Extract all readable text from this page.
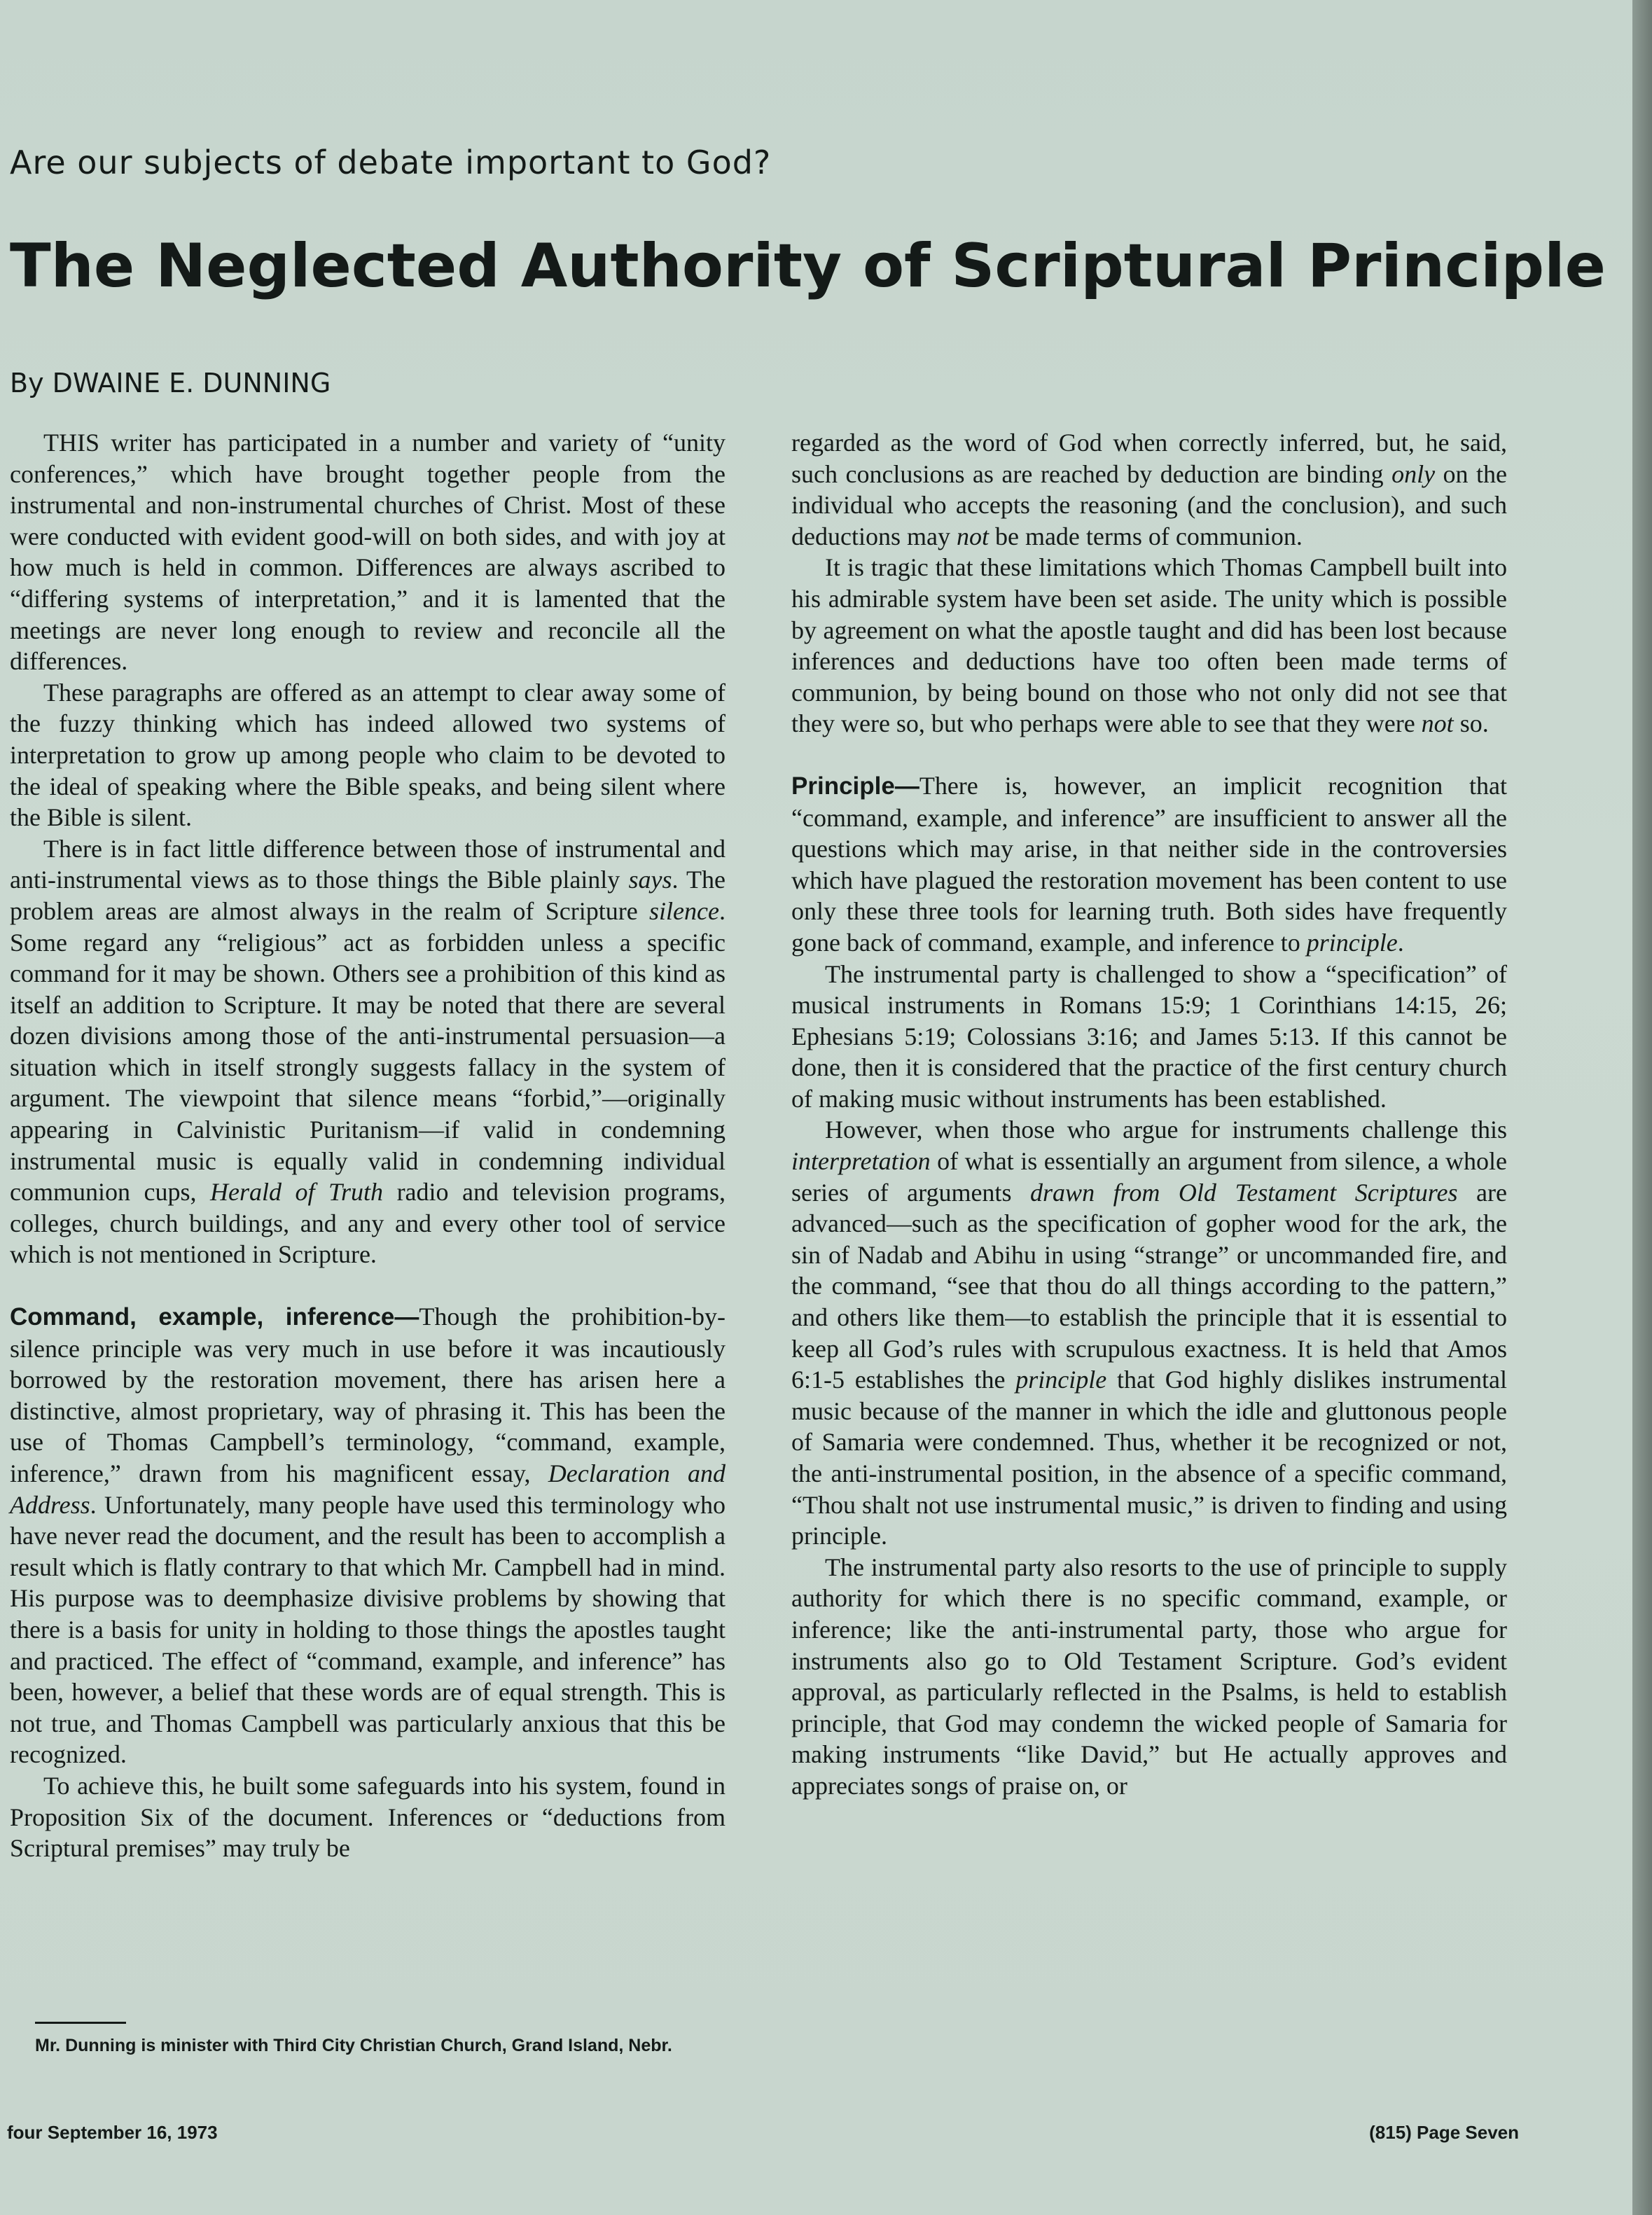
Are our subjects of debate important to God?
The Neglected Authority of Scriptural Principle
By DWAINE E. DUNNING

THIS writer has participated in a number and variety of “unity conferences,” which have brought together people from the instrumental and non-instrumental churches of Christ. Most of these were conducted with evident good-will on both sides, and with joy at how much is held in common. Differences are always ascribed to “differing systems of interpretation,” and it is lamented that the meetings are never long enough to review and reconcile all the differences.

These paragraphs are offered as an attempt to clear away some of the fuzzy thinking which has indeed allowed two systems of interpretation to grow up among people who claim to be devoted to the ideal of speaking where the Bible speaks, and being silent where the Bible is silent.

There is in fact little difference between those of instrumental and anti-instrumental views as to those things the Bible plainly says. The problem areas are almost always in the realm of Scripture silence. Some regard any “religious” act as forbidden unless a specific command for it may be shown. Others see a prohibition of this kind as itself an addition to Scripture. It may be noted that there are several dozen divisions among those of the anti-instrumental persuasion—a situation which in itself strongly suggests fallacy in the system of argument. The viewpoint that silence means “forbid,”—originally appearing in Calvinistic Puritanism—if valid in condemning instrumental music is equally valid in condemning individual communion cups, Herald of Truth radio and television programs, colleges, church buildings, and any and every other tool of service which is not mentioned in Scripture.

Command, example, inference—Though the prohibition-by-silence principle was very much in use before it was incautiously borrowed by the restoration movement, there has arisen here a distinctive, almost proprietary, way of phrasing it. This has been the use of Thomas Campbell’s terminology, “command, example, inference,” drawn from his magnificent essay, Declaration and Address. Unfortunately, many people have used this terminology who have never read the document, and the result has been to accomplish a result which is flatly contrary to that which Mr. Campbell had in mind. His purpose was to deemphasize divisive problems by showing that there is a basis for unity in holding to those things the apostles taught and practiced. The effect of “command, example, and inference” has been, however, a belief that these words are of equal strength. This is not true, and Thomas Campbell was particularly anxious that this be recognized.

To achieve this, he built some safeguards into his system, found in Proposition Six of the document. Inferences or “deductions from Scriptural premises” may truly be

regarded as the word of God when correctly inferred, but, he said, such conclusions as are reached by deduction are binding only on the individual who accepts the reasoning (and the conclusion), and such deductions may not be made terms of communion.

It is tragic that these limitations which Thomas Campbell built into his admirable system have been set aside. The unity which is possible by agreement on what the apostle taught and did has been lost because inferences and deductions have too often been made terms of communion, by being bound on those who not only did not see that they were so, but who perhaps were able to see that they were not so.

Principle—There is, however, an implicit recognition that “command, example, and inference” are insufficient to answer all the questions which may arise, in that neither side in the controversies which have plagued the restoration movement has been content to use only these three tools for learning truth. Both sides have frequently gone back of command, example, and inference to principle.

The instrumental party is challenged to show a “specification” of musical instruments in Romans 15:9; 1 Corinthians 14:15, 26; Ephesians 5:19; Colossians 3:16; and James 5:13. If this cannot be done, then it is considered that the practice of the first century church of making music without instruments has been established.

However, when those who argue for instruments challenge this interpretation of what is essentially an argument from silence, a whole series of arguments drawn from Old Testament Scriptures are advanced—such as the specification of gopher wood for the ark, the sin of Nadab and Abihu in using “strange” or uncommanded fire, and the command, “see that thou do all things according to the pattern,” and others like them—to establish the principle that it is essential to keep all God’s rules with scrupulous exactness. It is held that Amos 6:1-5 establishes the principle that God highly dislikes instrumental music because of the manner in which the idle and gluttonous people of Samaria were condemned. Thus, whether it be recognized or not, the anti-instrumental position, in the absence of a specific command, “Thou shalt not use instrumental music,” is driven to finding and using principle.

The instrumental party also resorts to the use of principle to supply authority for which there is no specific command, example, or inference; like the anti-instrumental party, those who argue for instruments also go to Old Testament Scripture. God’s evident approval, as particularly reflected in the Psalms, is held to establish principle, that God may condemn the wicked people of Samaria for making instruments “like David,” but He actually approves and appreciates songs of praise on, or

Mr. Dunning is minister with Third City Christian Church, Grand Island, Nebr.
four September 16, 1973	(815) Page Seven
